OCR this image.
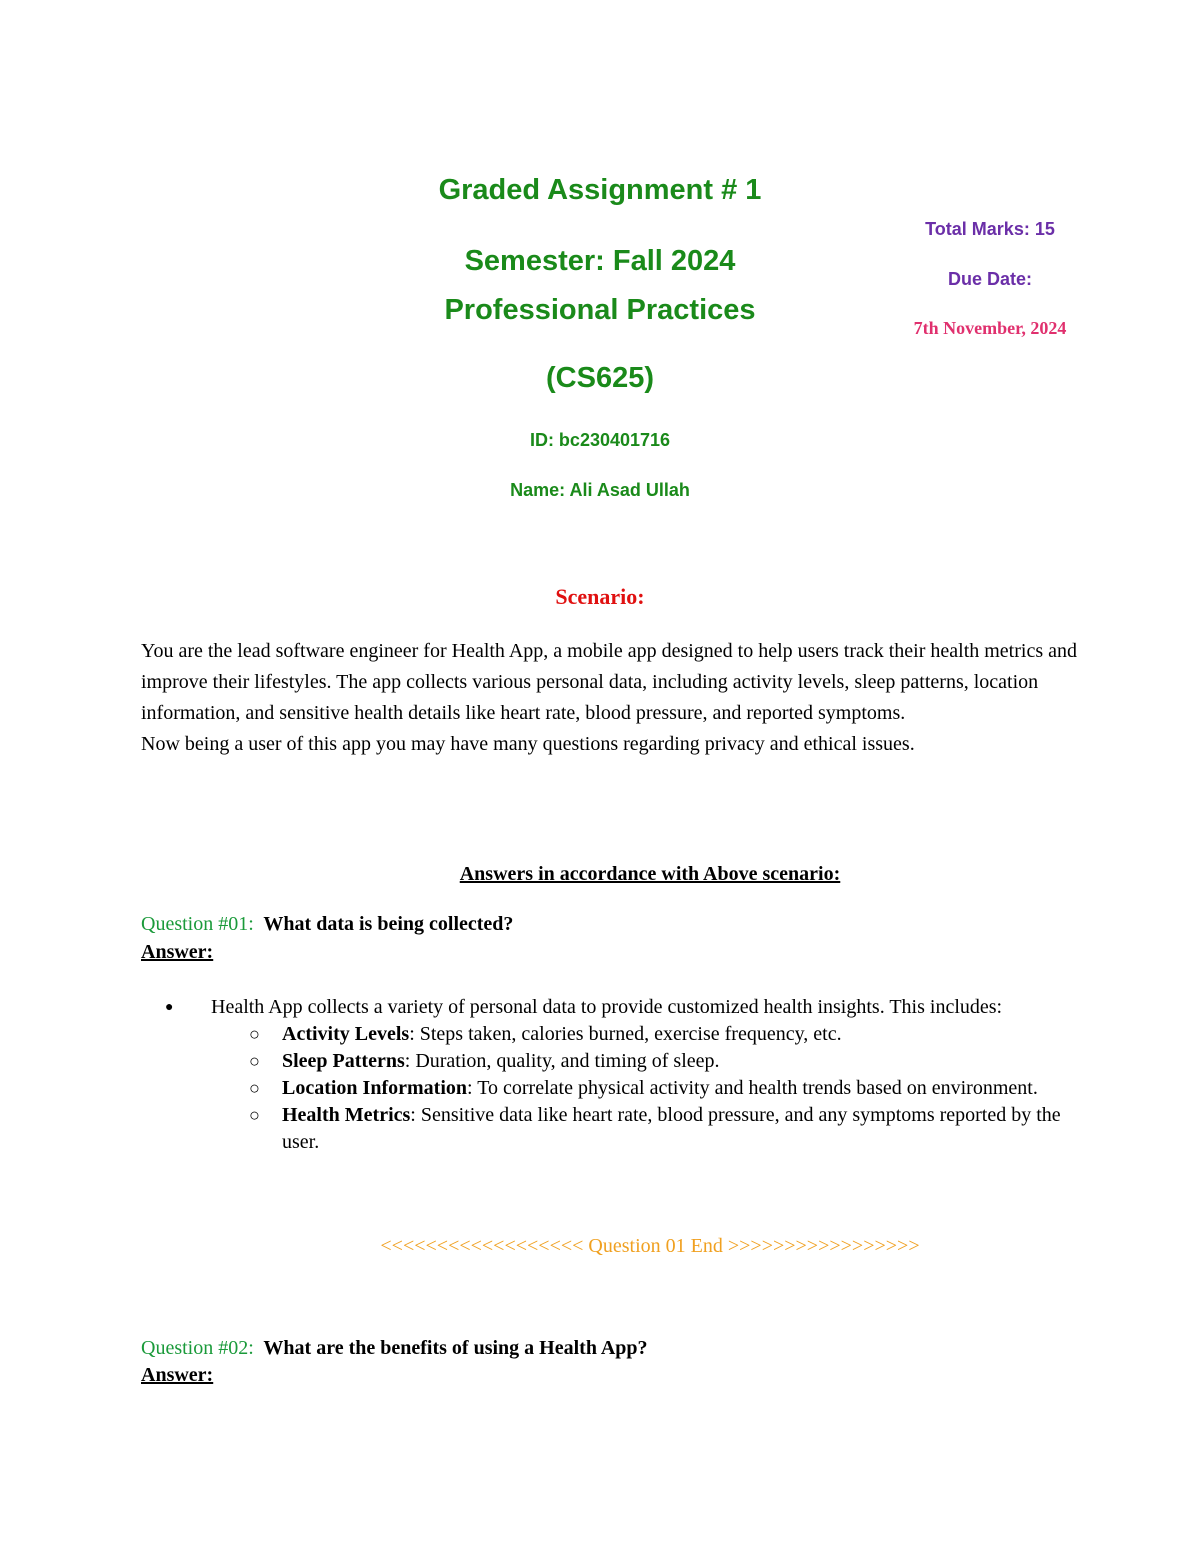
Graded Assignment # 1
Semester: Fall 2024
Professional Practices
(CS625)
ID: bc230401716
Name: Ali Asad Ullah
Total Marks: 15
Due Date:
7th November, 2024
Scenario:

You are the lead software engineer for Health App, a mobile app designed to help users track their health metrics and improve their lifestyles. The app collects various personal data, including activity levels, sleep patterns, location information, and sensitive health details like heart rate, blood pressure, and reported symptoms.

Now being a user of this app you may have many questions regarding privacy and ethical issues.

Answers in accordance with Above scenario:
Question #01: What data is being collected?
Answer:
● Health App collects a variety of personal data to provide customized health insights. This includes:
○ Activity Levels: Steps taken, calories burned, exercise frequency, etc.
○ Sleep Patterns: Duration, quality, and timing of sleep.
○ Location Information: To correlate physical activity and health trends based on environment.
○ Health Metrics: Sensitive data like heart rate, blood pressure, and any symptoms reported by the user.
<<<<<<<<<<<<<<<<<< Question 01 End >>>>>>>>>>>>>>>>>
Question #02: What are the benefits of using a Health App?
Answer:
